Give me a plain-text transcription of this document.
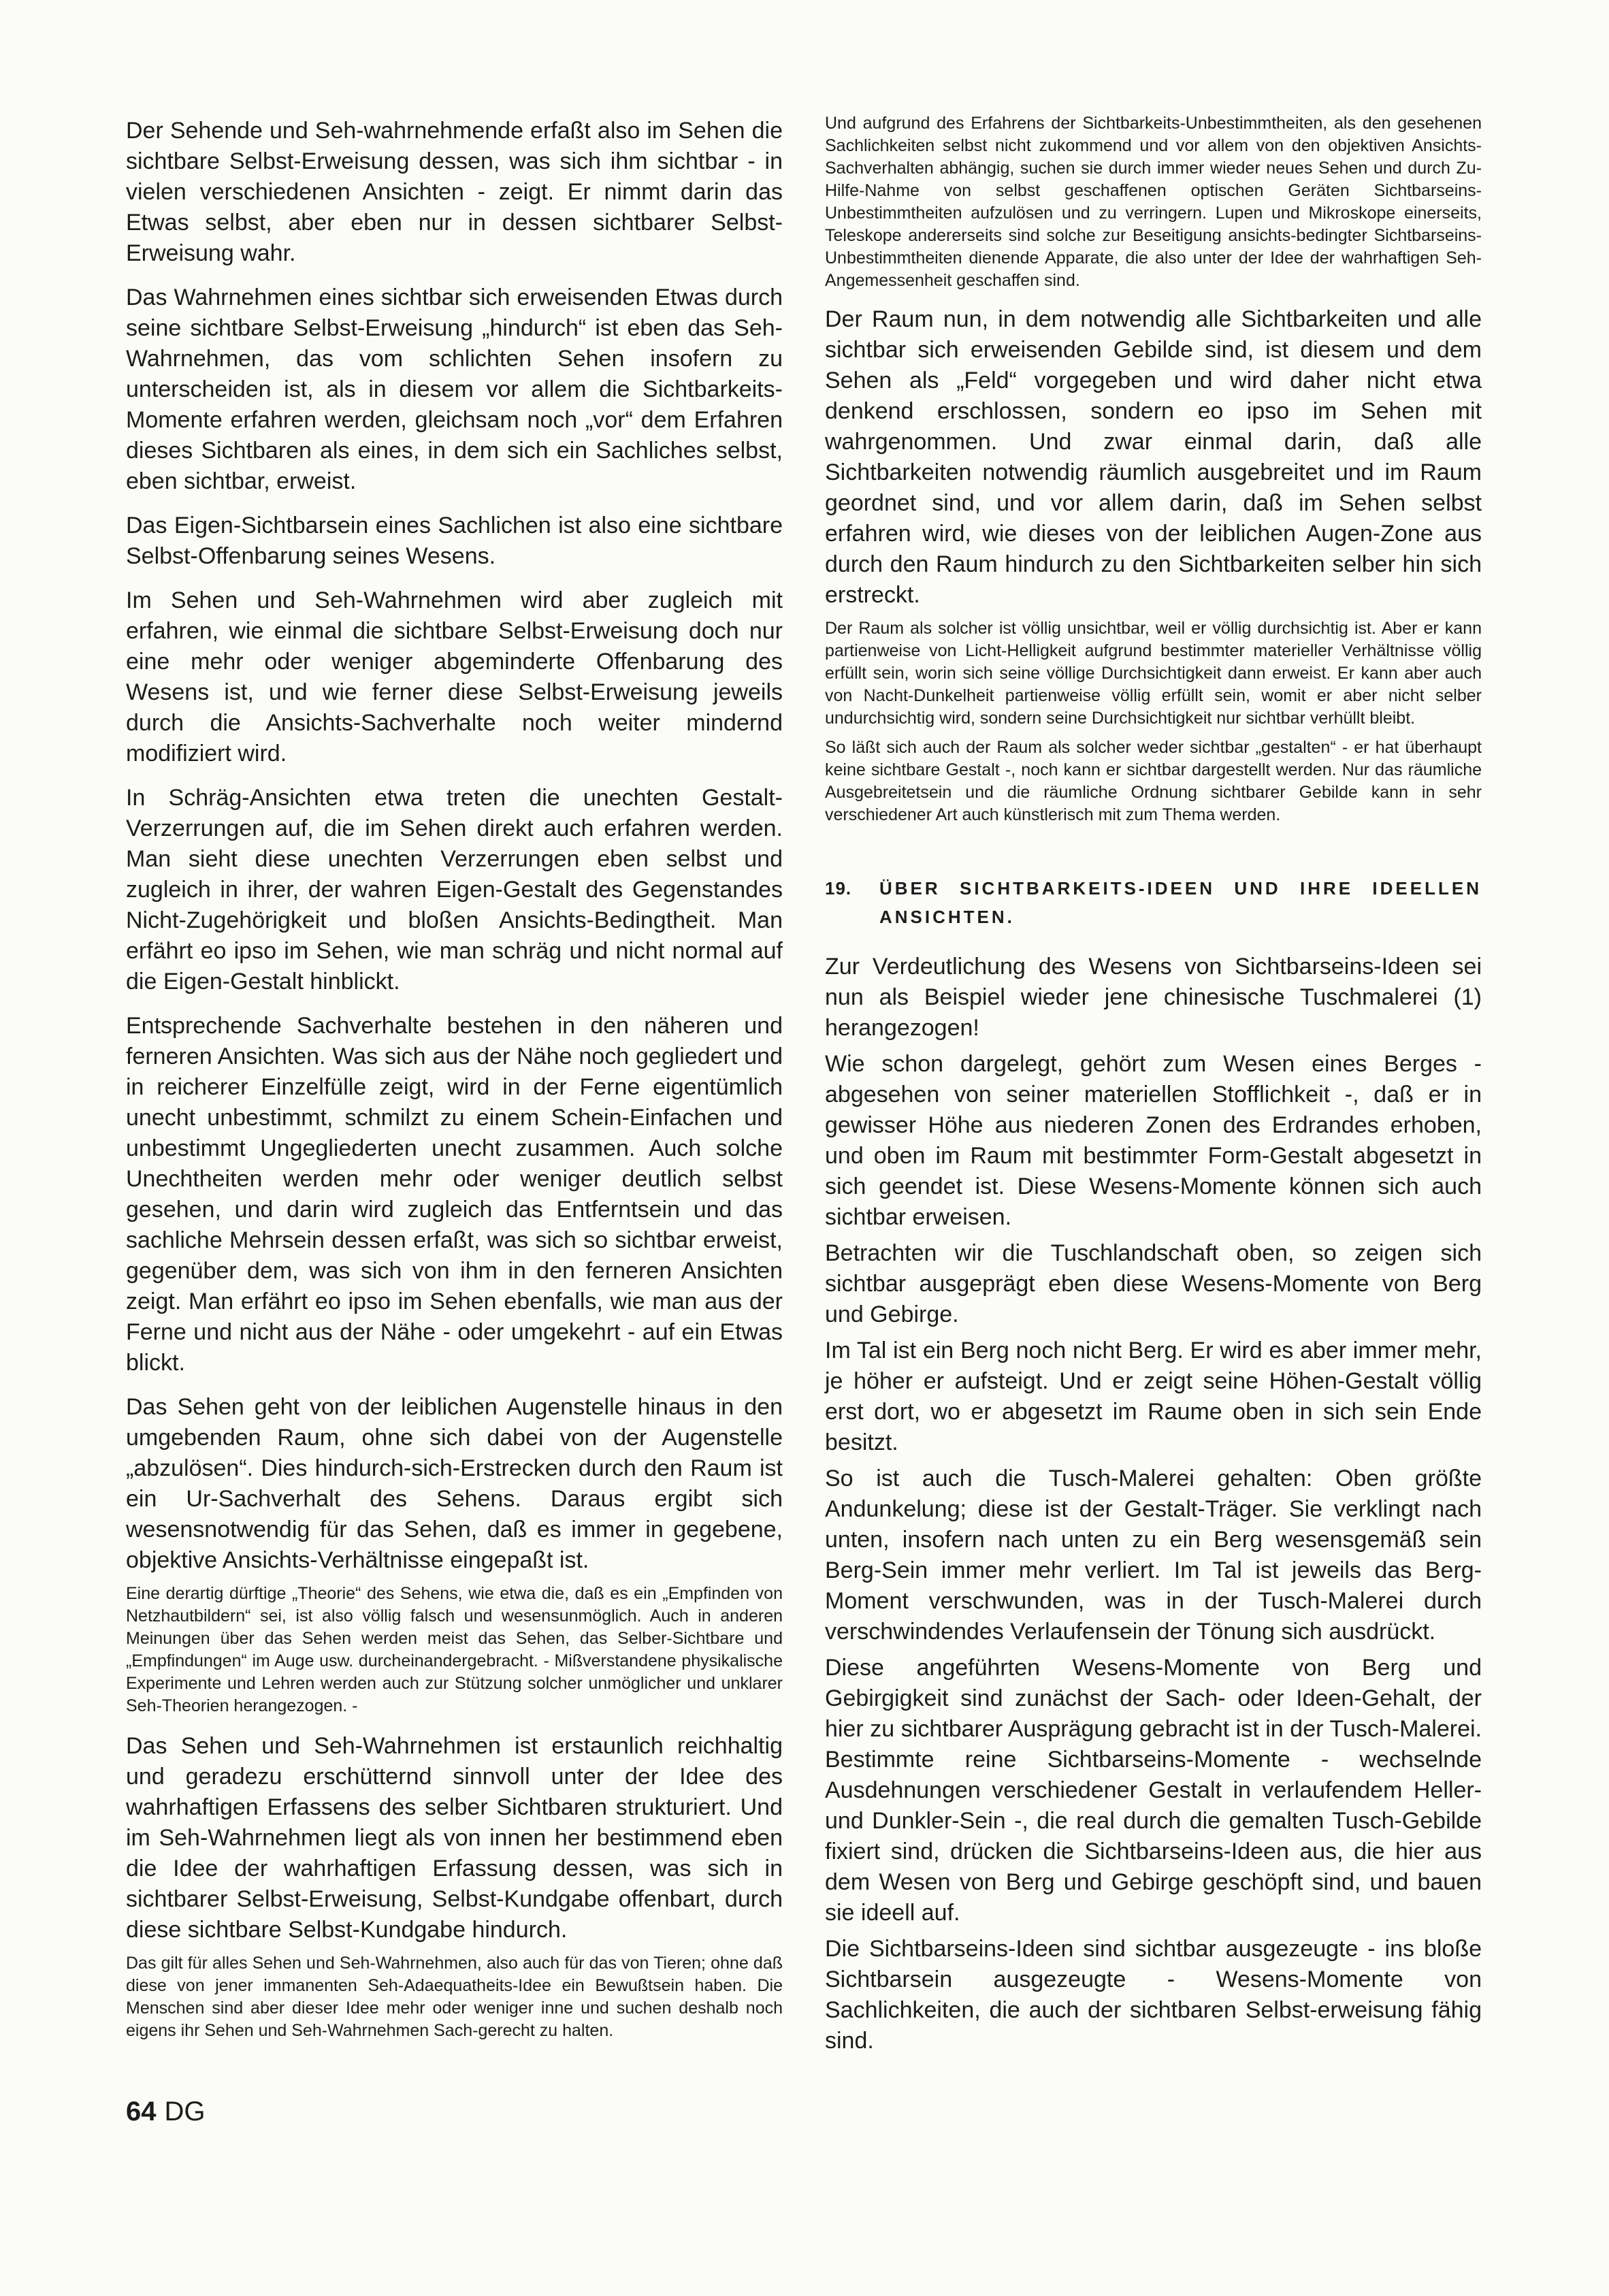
Der Sehende und Seh-wahrnehmende erfaßt also im Sehen die sichtbare Selbst-Erweisung dessen, was sich ihm sichtbar - in vielen verschiedenen Ansichten - zeigt. Er nimmt darin das Etwas selbst, aber eben nur in dessen sichtbarer Selbst-Erweisung wahr.

Das Wahrnehmen eines sichtbar sich erweisenden Etwas durch seine sichtbare Selbst-Erweisung „hindurch“ ist eben das Seh-Wahrnehmen, das vom schlichten Sehen insofern zu unterscheiden ist, als in diesem vor allem die Sichtbarkeits-Momente erfahren werden, gleichsam noch „vor“ dem Erfahren dieses Sichtbaren als eines, in dem sich ein Sachliches selbst, eben sichtbar, erweist.

Das Eigen-Sichtbarsein eines Sachlichen ist also eine sichtbare Selbst-Offenbarung seines Wesens.

Im Sehen und Seh-Wahrnehmen wird aber zugleich mit erfahren, wie einmal die sichtbare Selbst-Erweisung doch nur eine mehr oder weniger abgeminderte Offenbarung des Wesens ist, und wie ferner diese Selbst-Erweisung jeweils durch die Ansichts-Sachverhalte noch weiter mindernd modifiziert wird.

In Schräg-Ansichten etwa treten die unechten Gestalt-Verzerrungen auf, die im Sehen direkt auch erfahren werden. Man sieht diese unechten Verzerrungen eben selbst und zugleich in ihrer, der wahren Eigen-Gestalt des Gegenstandes Nicht-Zugehörigkeit und bloßen Ansichts-Bedingtheit. Man erfährt eo ipso im Sehen, wie man schräg und nicht normal auf die Eigen-Gestalt hinblickt.

Entsprechende Sachverhalte bestehen in den näheren und ferneren Ansichten. Was sich aus der Nähe noch gegliedert und in reicherer Einzelfülle zeigt, wird in der Ferne eigentümlich unecht unbestimmt, schmilzt zu einem Schein-Einfachen und unbestimmt Ungegliederten unecht zusammen. Auch solche Unechtheiten werden mehr oder weniger deutlich selbst gesehen, und darin wird zugleich das Entferntsein und das sachliche Mehrsein dessen erfaßt, was sich so sichtbar erweist, gegenüber dem, was sich von ihm in den ferneren Ansichten zeigt. Man erfährt eo ipso im Sehen ebenfalls, wie man aus der Ferne und nicht aus der Nähe - oder umgekehrt - auf ein Etwas blickt.

Das Sehen geht von der leiblichen Augenstelle hinaus in den umgebenden Raum, ohne sich dabei von der Augenstelle „abzulösen“. Dies hindurch-sich-Erstrecken durch den Raum ist ein Ur-Sachverhalt des Sehens. Daraus ergibt sich wesensnotwendig für das Sehen, daß es immer in gegebene, objektive Ansichts-Verhältnisse eingepaßt ist.

Eine derartig dürftige „Theorie“ des Sehens, wie etwa die, daß es ein „Empfinden von Netzhautbildern“ sei, ist also völlig falsch und wesensunmöglich. Auch in anderen Meinungen über das Sehen werden meist das Sehen, das Selber-Sichtbare und „Empfindungen“ im Auge usw. durcheinandergebracht. - Mißverstandene physikalische Experimente und Lehren werden auch zur Stützung solcher unmöglicher und unklarer Seh-Theorien herangezogen. -

Das Sehen und Seh-Wahrnehmen ist erstaunlich reichhaltig und geradezu erschütternd sinnvoll unter der Idee des wahrhaftigen Erfassens des selber Sichtbaren strukturiert. Und im Seh-Wahrnehmen liegt als von innen her bestimmend eben die Idee der wahrhaftigen Erfassung dessen, was sich in sichtbarer Selbst-Erweisung, Selbst-Kundgabe offenbart, durch diese sichtbare Selbst-Kundgabe hindurch.

Das gilt für alles Sehen und Seh-Wahrnehmen, also auch für das von Tieren; ohne daß diese von jener immanenten Seh-Adaequatheits-Idee ein Bewußtsein haben. Die Menschen sind aber dieser Idee mehr oder weniger inne und suchen deshalb noch eigens ihr Sehen und Seh-Wahrnehmen Sach-gerecht zu halten.

Und aufgrund des Erfahrens der Sichtbarkeits-Unbestimmtheiten, als den gesehenen Sachlichkeiten selbst nicht zukommend und vor allem von den objektiven Ansichts-Sachverhalten abhängig, suchen sie durch immer wieder neues Sehen und durch Zu-Hilfe-Nahme von selbst geschaffenen optischen Geräten Sichtbarseins-Unbestimmtheiten aufzulösen und zu verringern. Lupen und Mikroskope einerseits, Teleskope andererseits sind solche zur Beseitigung ansichts-bedingter Sichtbarseins-Unbestimmtheiten dienende Apparate, die also unter der Idee der wahrhaftigen Seh-Angemessenheit geschaffen sind.

Der Raum nun, in dem notwendig alle Sichtbarkeiten und alle sichtbar sich erweisenden Gebilde sind, ist diesem und dem Sehen als „Feld“ vorgegeben und wird daher nicht etwa denkend erschlossen, sondern eo ipso im Sehen mit wahrgenommen. Und zwar einmal darin, daß alle Sichtbarkeiten notwendig räumlich ausgebreitet und im Raum geordnet sind, und vor allem darin, daß im Sehen selbst erfahren wird, wie dieses von der leiblichen Augen-Zone aus durch den Raum hindurch zu den Sichtbarkeiten selber hin sich erstreckt.

Der Raum als solcher ist völlig unsichtbar, weil er völlig durchsichtig ist. Aber er kann partienweise von Licht-Helligkeit aufgrund bestimmter materieller Verhältnisse völlig erfüllt sein, worin sich seine völlige Durchsichtigkeit dann erweist. Er kann aber auch von Nacht-Dunkelheit partienweise völlig erfüllt sein, womit er aber nicht selber undurchsichtig wird, sondern seine Durchsichtigkeit nur sichtbar verhüllt bleibt.

So läßt sich auch der Raum als solcher weder sichtbar „gestalten“ - er hat überhaupt keine sichtbare Gestalt -, noch kann er sichtbar dargestellt werden. Nur das räumliche Ausgebreitetsein und die räumliche Ordnung sichtbarer Gebilde kann in sehr verschiedener Art auch künstlerisch mit zum Thema werden.

19. ÜBER SICHTBARKEITS-IDEEN UND IHRE IDEELLEN ANSICHTEN.

Zur Verdeutlichung des Wesens von Sichtbarseins-Ideen sei nun als Beispiel wieder jene chinesische Tuschmalerei (1) herangezogen!

Wie schon dargelegt, gehört zum Wesen eines Berges - abgesehen von seiner materiellen Stofflichkeit -, daß er in gewisser Höhe aus niederen Zonen des Erdrandes erhoben, und oben im Raum mit bestimmter Form-Gestalt abgesetzt in sich geendet ist. Diese Wesens-Momente können sich auch sichtbar erweisen.

Betrachten wir die Tuschlandschaft oben, so zeigen sich sichtbar ausgeprägt eben diese Wesens-Momente von Berg und Gebirge.

Im Tal ist ein Berg noch nicht Berg. Er wird es aber immer mehr, je höher er aufsteigt. Und er zeigt seine Höhen-Gestalt völlig erst dort, wo er abgesetzt im Raume oben in sich sein Ende besitzt.

So ist auch die Tusch-Malerei gehalten: Oben größte Andunkelung; diese ist der Gestalt-Träger. Sie verklingt nach unten, insofern nach unten zu ein Berg wesensgemäß sein Berg-Sein immer mehr verliert. Im Tal ist jeweils das Berg-Moment verschwunden, was in der Tusch-Malerei durch verschwindendes Verlaufensein der Tönung sich ausdrückt.

Diese angeführten Wesens-Momente von Berg und Gebirgigkeit sind zunächst der Sach- oder Ideen-Gehalt, der hier zu sichtbarer Ausprägung gebracht ist in der Tusch-Malerei. Bestimmte reine Sichtbarseins-Momente - wechselnde Ausdehnungen verschiedener Gestalt in verlaufendem Heller- und Dunkler-Sein -, die real durch die gemalten Tusch-Gebilde fixiert sind, drücken die Sichtbarseins-Ideen aus, die hier aus dem Wesen von Berg und Gebirge geschöpft sind, und bauen sie ideell auf.

Die Sichtbarseins-Ideen sind sichtbar ausgezeugte - ins bloße Sichtbarsein ausgezeugte - Wesens-Momente von Sachlichkeiten, die auch der sichtbaren Selbst-erweisung fähig sind.

64 DG
